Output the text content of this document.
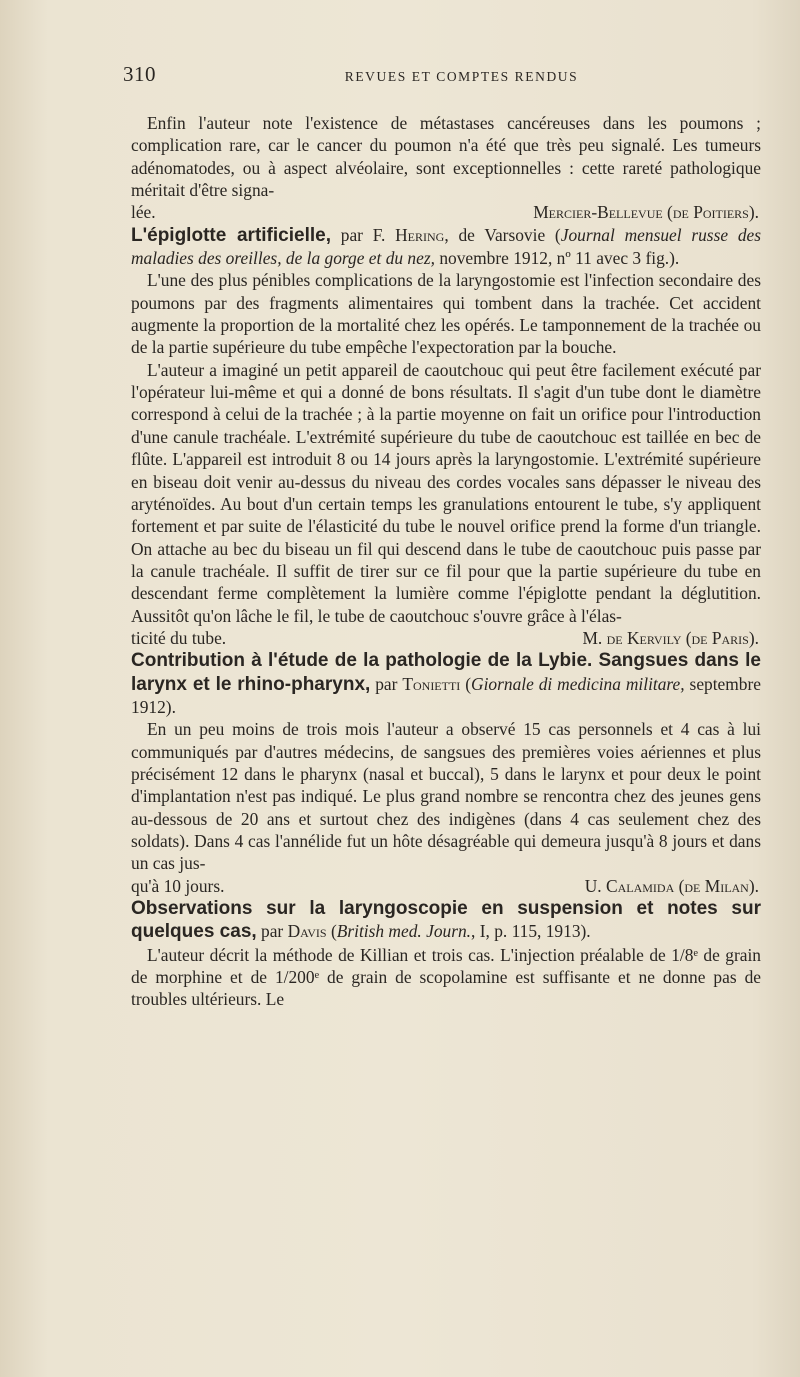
310	REVUES ET COMPTES RENDUS

Enfin l'auteur note l'existence de métastases cancéreuses dans les poumons ; complication rare, car le cancer du poumon n'a été que très peu signalé. Les tumeurs adénomatodes, ou à aspect alvéolaire, sont exceptionnelles : cette rareté pathologique méritait d'être signa-

lée.	Mercier-Bellevue (de Poitiers).

L'épiglotte artificielle, par F. Hering, de Varsovie (Journal mensuel russe des maladies des oreilles, de la gorge et du nez, novembre 1912, nº 11 avec 3 fig.).

L'une des plus pénibles complications de la laryngostomie est l'infection secondaire des poumons par des fragments alimentaires qui tombent dans la trachée. Cet accident augmente la proportion de la mortalité chez les opérés. Le tamponnement de la trachée ou de la partie supérieure du tube empêche l'expectoration par la bouche.

L'auteur a imaginé un petit appareil de caoutchouc qui peut être facilement exécuté par l'opérateur lui-même et qui a donné de bons résultats. Il s'agit d'un tube dont le diamètre correspond à celui de la trachée ; à la partie moyenne on fait un orifice pour l'introduction d'une canule trachéale. L'extrémité supérieure du tube de caoutchouc est taillée en bec de flûte. L'appareil est introduit 8 ou 14 jours après la laryngostomie. L'extrémité supérieure en biseau doit venir au-dessus du niveau des cordes vocales sans dépasser le niveau des aryténoïdes. Au bout d'un certain temps les granulations entourent le tube, s'y appliquent fortement et par suite de l'élasticité du tube le nouvel orifice prend la forme d'un triangle. On attache au bec du biseau un fil qui descend dans le tube de caoutchouc puis passe par la canule trachéale. Il suffit de tirer sur ce fil pour que la partie supérieure du tube en descendant ferme complètement la lumière comme l'épiglotte pendant la déglutition. Aussitôt qu'on lâche le fil, le tube de caoutchouc s'ouvre grâce à l'élas-

ticité du tube.	M. de Kervily (de Paris).

Contribution à l'étude de la pathologie de la Lybie. Sangsues dans le larynx et le rhino-pharynx, par Tonietti (Giornale di medicina militare, septembre 1912).

En un peu moins de trois mois l'auteur a observé 15 cas personnels et 4 cas à lui communiqués par d'autres médecins, de sangsues des premières voies aériennes et plus précisément 12 dans le pharynx (nasal et buccal), 5 dans le larynx et pour deux le point d'implantation n'est pas indiqué. Le plus grand nombre se rencontra chez des jeunes gens au-dessous de 20 ans et surtout chez des indigènes (dans 4 cas seulement chez des soldats). Dans 4 cas l'annélide fut un hôte désagréable qui demeura jusqu'à 8 jours et dans un cas jus-

qu'à 10 jours.	U. Calamida (de Milan).

Observations sur la laryngoscopie en suspension et notes sur quelques cas, par Davis (British med. Journ., I, p. 115, 1913).

L'auteur décrit la méthode de Killian et trois cas. L'injection préalable de 1/8ᵉ de grain de morphine et de 1/200ᵉ de grain de scopolamine est suffisante et ne donne pas de troubles ultérieurs. Le
